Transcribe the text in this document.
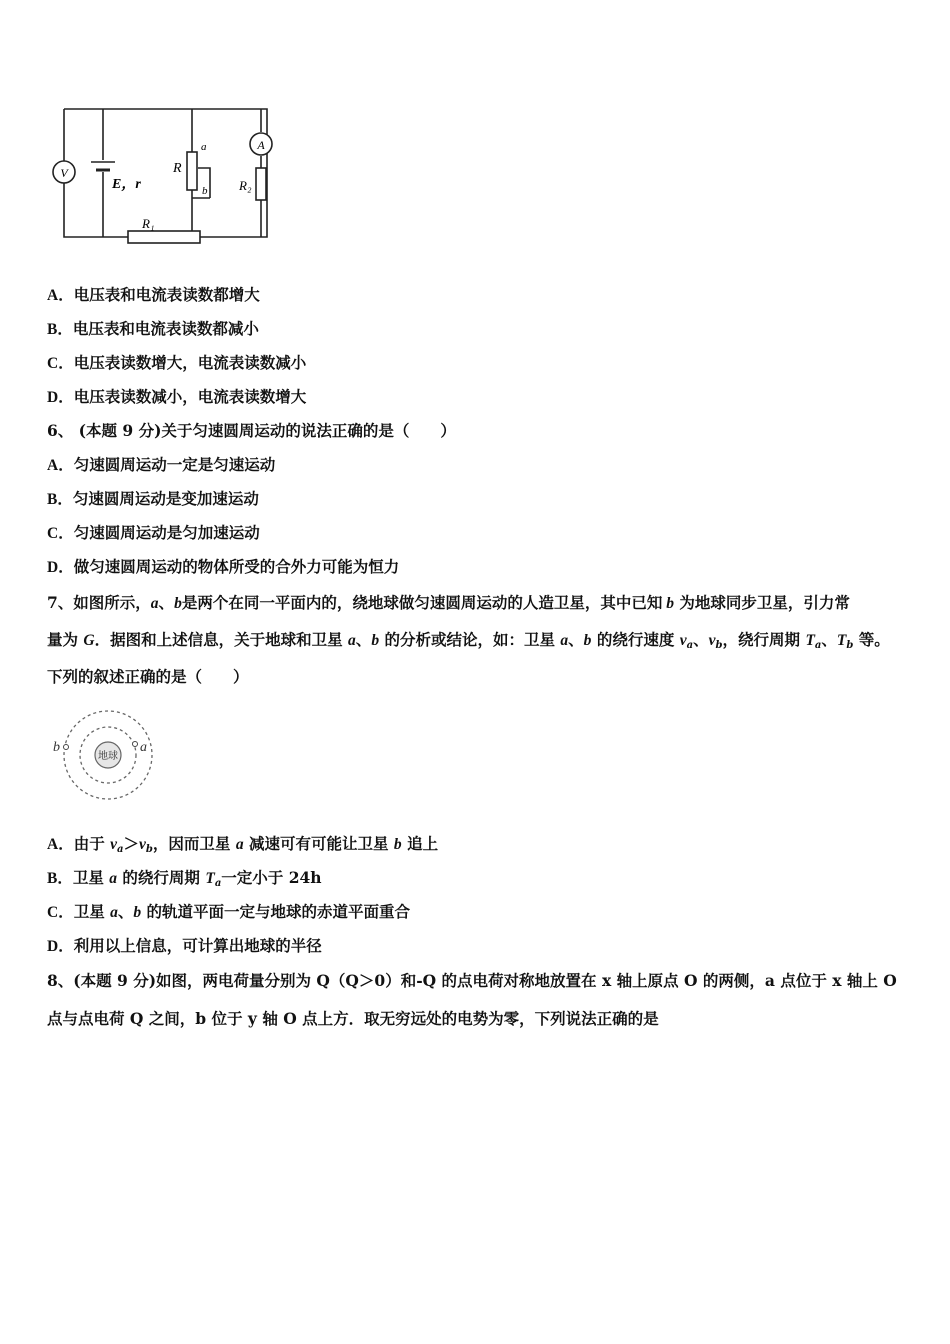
V
A
E，r
R
a
b
R₁
R₂
A．电压表和电流表读数都增大
B．电压表和电流表读数都减小
C．电压表读数增大，电流表读数减小
D．电压表读数减小，电流表读数增大
6、 (本题 9 分)关于匀速圆周运动的说法正确的是（　　）
A．匀速圆周运动一定是匀速运动
B．匀速圆周运动是变加速运动
C．匀速圆周运动是匀加速运动
D．做匀速圆周运动的物体所受的合外力可能为恒力
7、如图所示，a、b是两个在同一平面内的，绕地球做匀速圆周运动的人造卫星，其中已知 b 为地球同步卫星，引力常
量为 G．据图和上述信息，关于地球和卫星 a、b 的分析或结论，如：卫星 a、b 的绕行速度 $v_a$、$v_b$，绕行周期 $T_a$、$T_b$ 等。
下列的叙述正确的是（　　）
地球
a
b
A．由于 $v_a>v_b$，因而卫星 a 减速可有可能让卫星 b 追上
B．卫星 a 的绕行周期 $T_a$一定小于 24h
C．卫星 a、b 的轨道平面一定与地球的赤道平面重合
D．利用以上信息，可计算出地球的半径
8、(本题 9 分)如图，两电荷量分别为 Q（Q＞0）和-Q 的点电荷对称地放置在 x 轴上原点 O 的两侧，a 点位于 x 轴上 O
点与点电荷 Q 之间，b 位于 y 轴 O 点上方．取无穷远处的电势为零，下列说法正确的是
